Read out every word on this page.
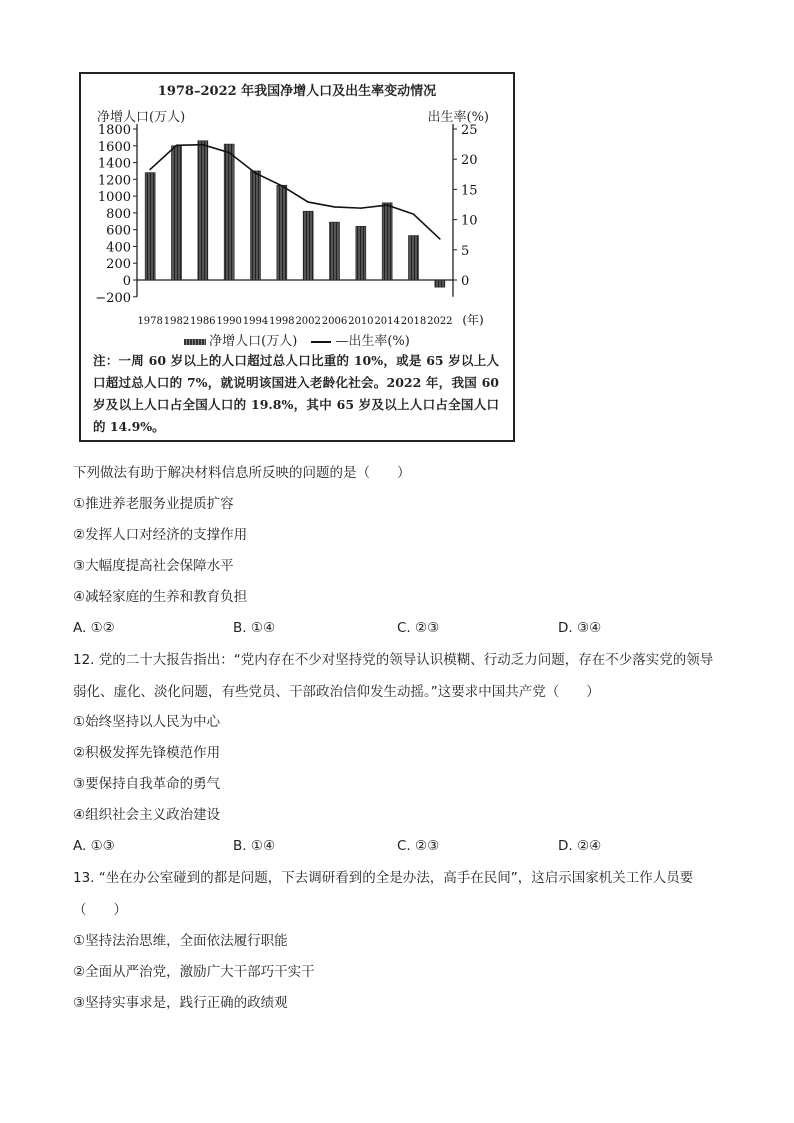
1978–2022 年我国净增人口及出生率变动情况
净增人口(万人)	出生率(%)
1800
1600
1400
1200
1000
800
600
400
200
0
−200
25
20
15
10
5
0
1978 1982 1986 1990 1994 1998 2002 2006 2010 2014 2018 2022 (年)
净增人口(万人)	—出生率(%)
注：一周 60 岁以上的人口超过总人口比重的 10%，或是 65 岁以上人口超过总人口的 7%，就说明该国进入老龄化社会。2022 年，我国 60 岁及以上人口占全国人口的 19.8%，其中 65 岁及以上人口占全国人口的 14.9%。
下列做法有助于解决材料信息所反映的问题的是（　　）
①推进养老服务业提质扩容
②发挥人口对经济的支撑作用
③大幅度提高社会保障水平
④减轻家庭的生养和教育负担
A. ①②	B. ①④	C. ②③	D. ③④
12. 党的二十大报告指出：“党内存在不少对坚持党的领导认识模糊、行动乏力问题，存在不少落实党的领导弱化、虚化、淡化问题，有些党员、干部政治信仰发生动摇。”这要求中国共产党（　　）
①始终坚持以人民为中心
②积极发挥先锋模范作用
③要保持自我革命的勇气
④组织社会主义政治建设
A. ①③	B. ①④	C. ②③	D. ②④
13. “坐在办公室碰到的都是问题，下去调研看到的全是办法，高手在民间”，这启示国家机关工作人员要（　　）
①坚持法治思维，全面依法履行职能
②全面从严治党，激励广大干部巧干实干
③坚持实事求是，践行正确的政绩观
